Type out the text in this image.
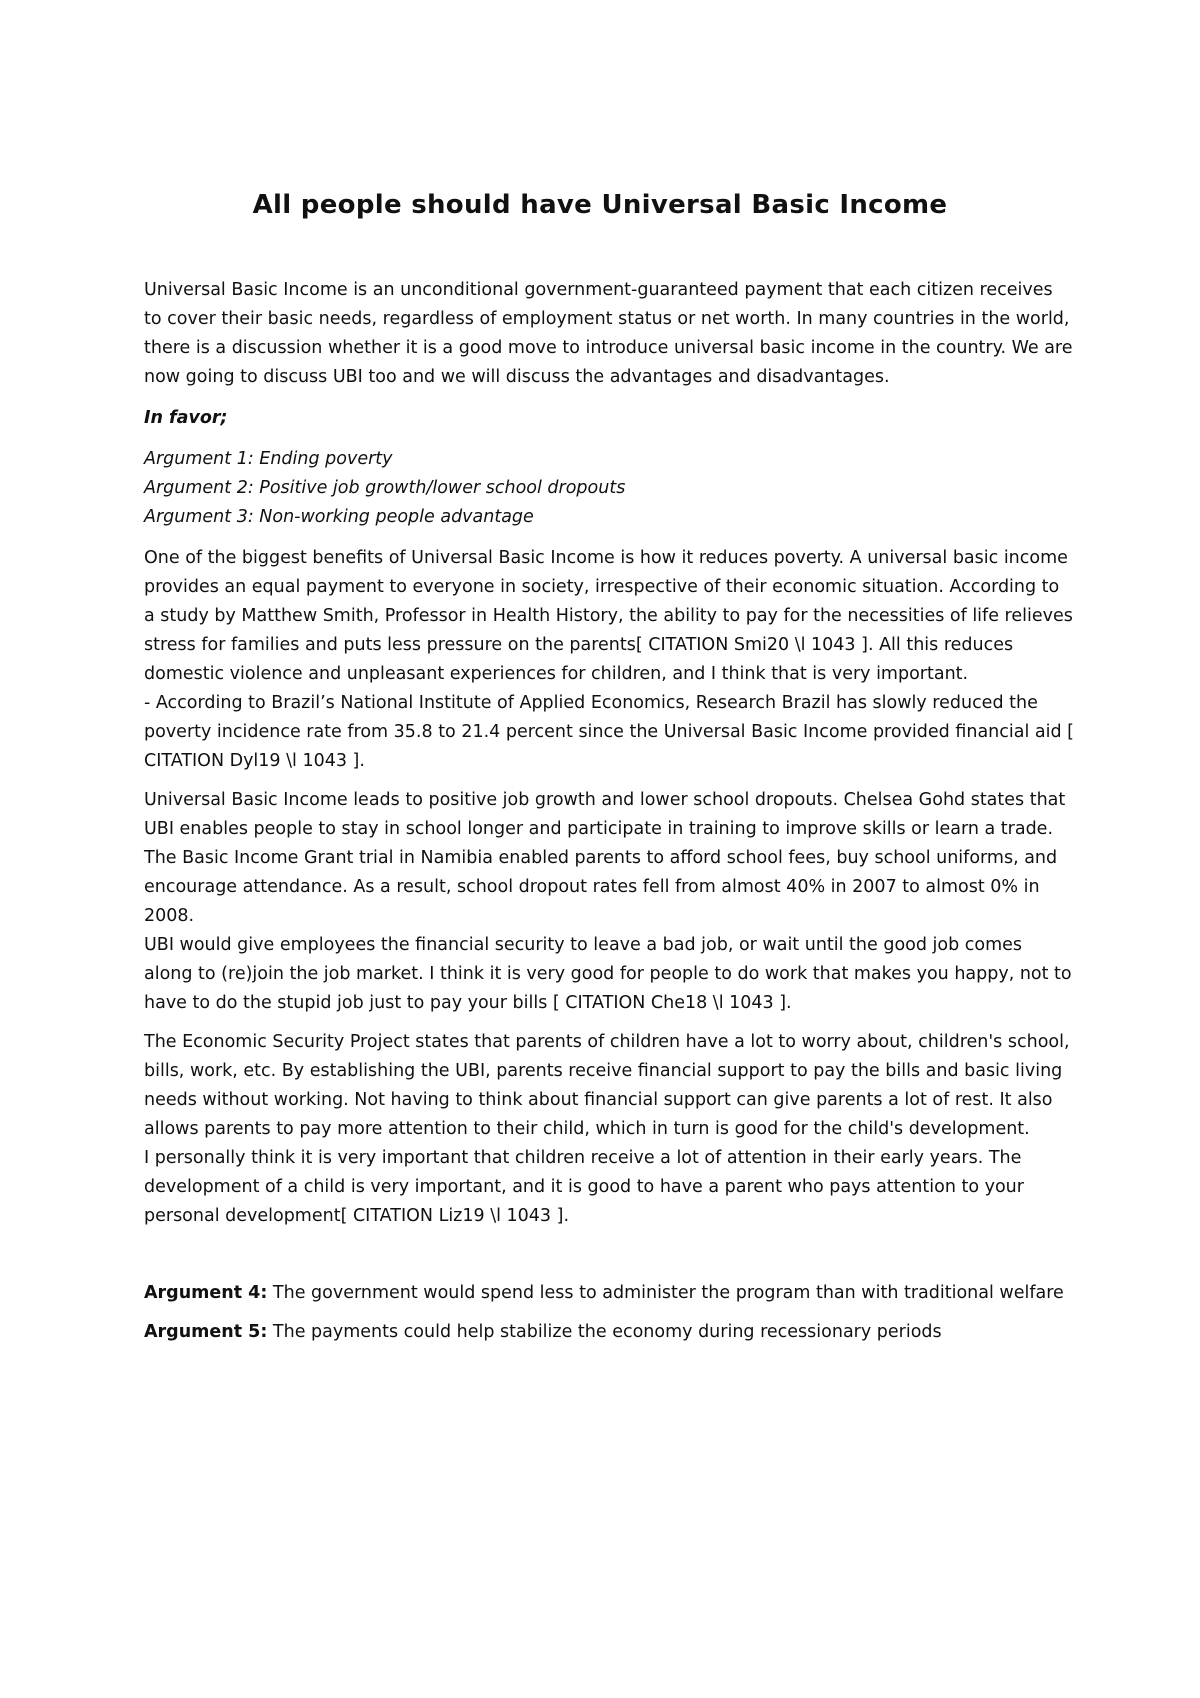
All people should have Universal Basic Income

Universal Basic Income is an unconditional government-guaranteed payment that each citizen receives to cover their basic needs, regardless of employment status or net worth. In many countries in the world, there is a discussion whether it is a good move to introduce universal basic income in the country. We are now going to discuss UBI too and we will discuss the advantages and disadvantages.

In favor;

Argument 1: Ending poverty

Argument 2: Positive job growth/lower school dropouts

Argument 3: Non-working people advantage

One of the biggest benefits of Universal Basic Income is how it reduces poverty. A universal basic income provides an equal payment to everyone in society, irrespective of their economic situation. According to a study by Matthew Smith, Professor in Health History, the ability to pay for the necessities of life relieves stress for families and puts less pressure on the parents[ CITATION Smi20 \l 1043 ]. All this reduces domestic violence and unpleasant experiences for children, and I think that is very important.

- According to Brazil’s National Institute of Applied Economics, Research Brazil has slowly reduced the poverty incidence rate from 35.8 to 21.4 percent since the Universal Basic Income provided financial aid [ CITATION Dyl19 \l 1043 ].

Universal Basic Income leads to positive job growth and lower school dropouts. Chelsea Gohd states that UBI enables people to stay in school longer and participate in training to improve skills or learn a trade. The Basic Income Grant trial in Namibia enabled parents to afford school fees, buy school uniforms, and encourage attendance. As a result, school dropout rates fell from almost 40% in 2007 to almost 0% in 2008.

UBI would give employees the financial security to leave a bad job, or wait until the good job comes along to (re)join the job market. I think it is very good for people to do work that makes you happy, not to have to do the stupid job just to pay your bills [ CITATION Che18 \l 1043 ].

The Economic Security Project states that parents of children have a lot to worry about, children's school, bills, work, etc. By establishing the UBI, parents receive financial support to pay the bills and basic living needs without working. Not having to think about financial support can give parents a lot of rest. It also allows parents to pay more attention to their child, which in turn is good for the child's development.

I personally think it is very important that children receive a lot of attention in their early years. The development of a child is very important, and it is good to have a parent who pays attention to your personal development[ CITATION Liz19 \l 1043 ].

Argument 4: The government would spend less to administer the program than with traditional welfare

Argument 5: The payments could help stabilize the economy during recessionary periods
